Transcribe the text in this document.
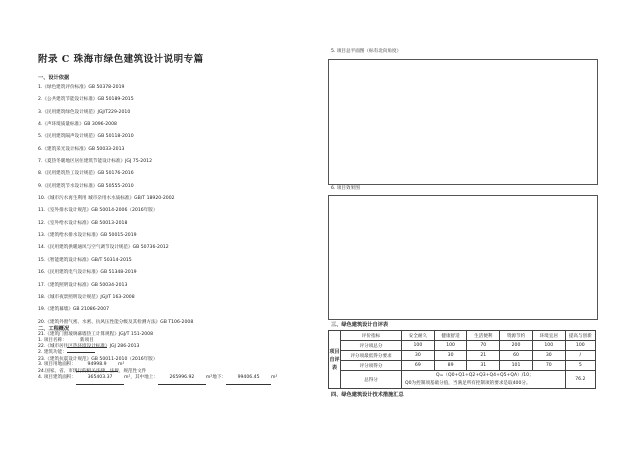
附录 C 珠海市绿色建筑设计说明专篇
一、设计依据
1.《绿色建筑评价标准》GB 50378-2019
2.《公共建筑节能设计标准》GB 50189-2015
3.《民用建筑绿色设计规范》JGJ/T229-2010
4.《声环境质量标准》GB 3096-2008
5.《民用建筑隔声设计规范》GB 50118-2010
6.《建筑采光设计标准》GB 50033-2013
7.《夏热冬暖地区居住建筑节能设计标准》JGJ 75-2012
8.《民用建筑热工设计规范》GB 50176-2016
9.《民用建筑节水设计标准》GB 50555-2010
10.《城市污水再生利用 城市杂用水水质标准》GB/T 18920-2002
11.《室外排水设计规范》GB 50014-2006（2016年版）
12.《室外给水设计标准》GB 50013-2018
13.《建筑给水排水设计标准》GB 50015-2019
14.《民用建筑供暖通风与空气调节设计规范》GB 50736-2012
15.《智能建筑设计标准》GB/T 50314-2015
16.《民用建筑电气设计标准》GB 51348-2019
17.《建筑照明设计标准》GB 50034-2013
18.《城市夜景照明设计规范》JGJ/T 163-2008
19.《建筑幕墙》GB 21086-2007
20.《建筑外窗气密、水密、抗风压性能分级及其检测方法》GB T106-2008
21.《建筑门窗玻璃幕墙热工计算规程》JGJ/T 151-2008
22.《城市居住区热环境设计标准》JGJ 286-2013
23.《建筑抗震设计规范》GB 50011-2010（2016年版）
24.国家、省、市现行的相关法律、法规、规范性文件
二、工程概况
1. 项目名称：	新项目
2. 建筑功能：
3. 项目用地面积：	94998.9	m²
4. 项目建筑面积：	365403.37	m²，其中地上：	265996.92	m²地下：	99406.45	m²
5. 项目总平面图（标有北向角度）
6. 项目效果图
三、绿色建筑设计自评表
项目自评表	评价指标	安全耐久	健康舒适	生活便利	资源节约	环境宜居	提高与创新
	评分项总分	100	100	70	200	100	100
	评分项最低得分要求	30	30	21	60	30	/
	评分项得分	69	89	31	101	70	5
	总得分	Q=（Q0+Q1+Q2+Q3+Q4+Q5+QA）/10；
Q0为控制项基础分值，当满足所有控制项的要求是取400分。					76.2
四、绿色建筑设计技术措施汇总
